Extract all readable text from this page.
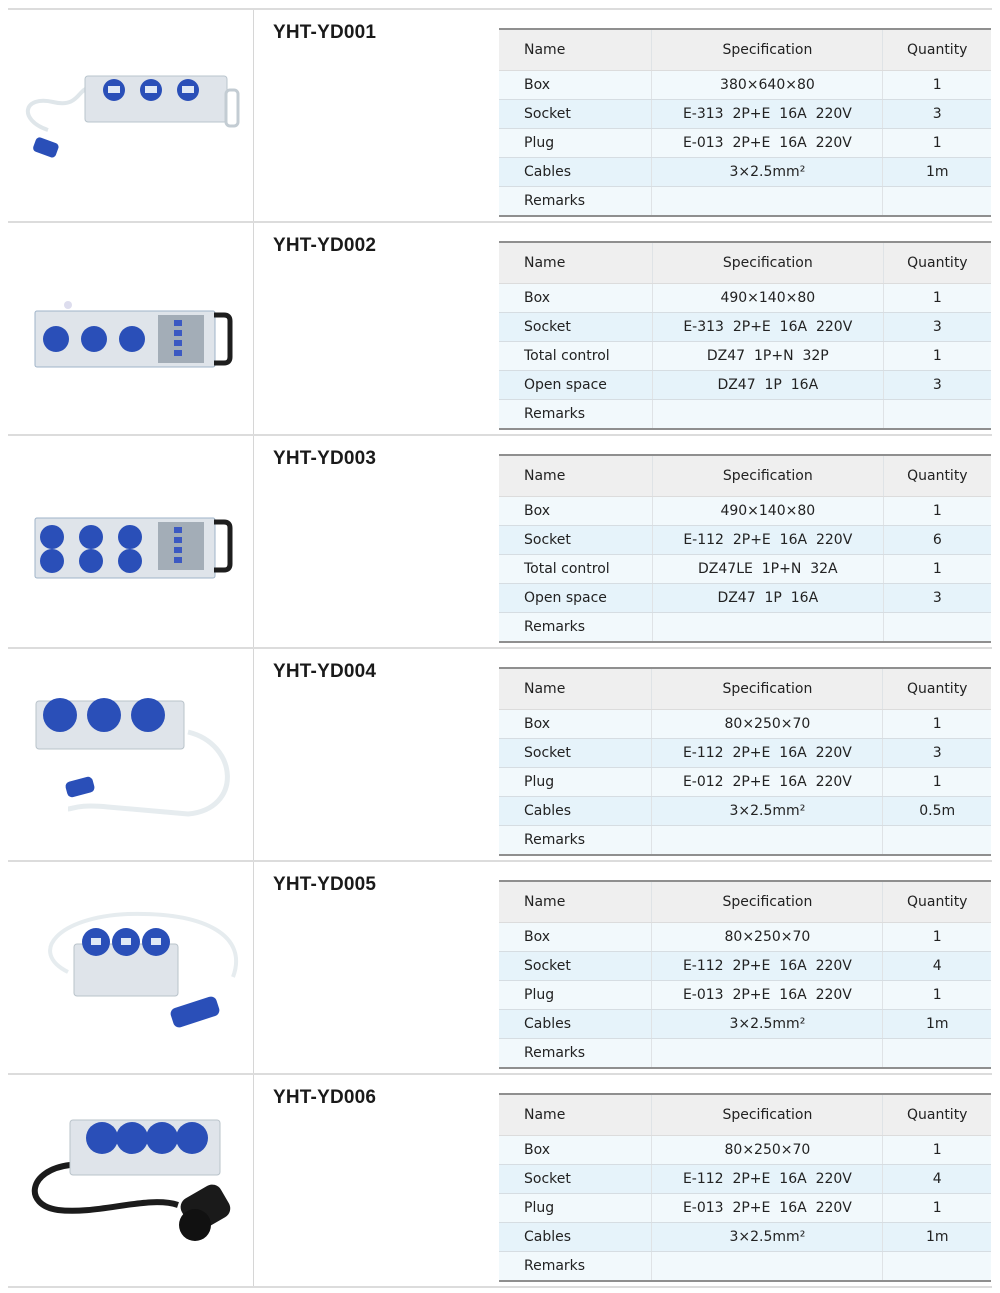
YHT-YD001
Name	Specification	Quantity
Box	380×640×80	1
Socket	E-313  2P+E  16A  220V	3
Plug	E-013  2P+E  16A  220V	1
Cables	3×2.5mm²	1m
Remarks		
YHT-YD002
Name	Specification	Quantity
Box	490×140×80	1
Socket	E-313  2P+E  16A  220V	3
Total control	DZ47  1P+N  32P	1
Open space	DZ47  1P  16A	3
Remarks		
YHT-YD003
Name	Specification	Quantity
Box	490×140×80	1
Socket	E-112  2P+E  16A  220V	6
Total control	DZ47LE  1P+N  32A	1
Open space	DZ47  1P  16A	3
Remarks		
YHT-YD004
Name	Specification	Quantity
Box	80×250×70	1
Socket	E-112  2P+E  16A  220V	3
Plug	E-012  2P+E  16A  220V	1
Cables	3×2.5mm²	0.5m
Remarks		
YHT-YD005
Name	Specification	Quantity
Box	80×250×70	1
Socket	E-112  2P+E  16A  220V	4
Plug	E-013  2P+E  16A  220V	1
Cables	3×2.5mm²	1m
Remarks		
YHT-YD006
Name	Specification	Quantity
Box	80×250×70	1
Socket	E-112  2P+E  16A  220V	4
Plug	E-013  2P+E  16A  220V	1
Cables	3×2.5mm²	1m
Remarks		
